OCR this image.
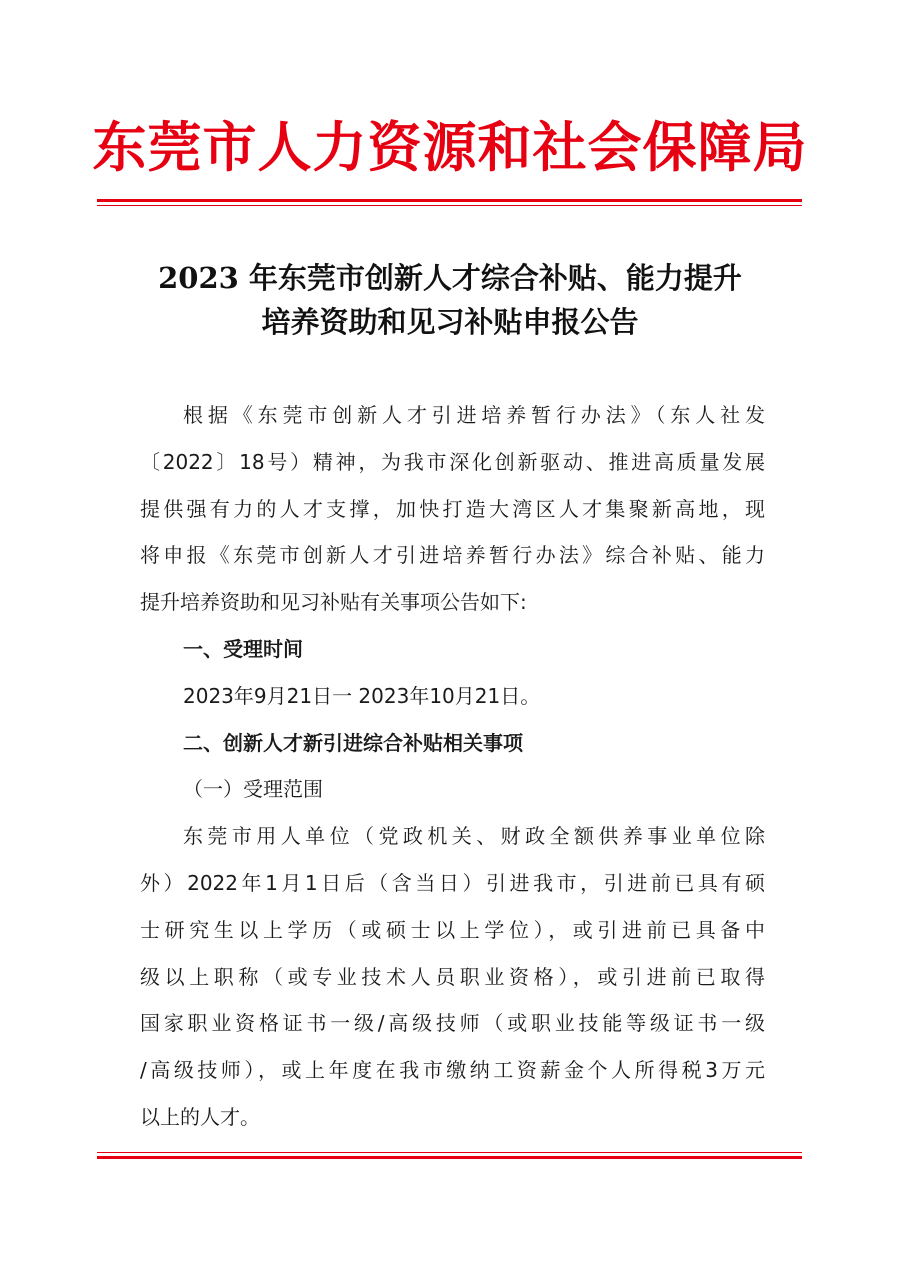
东莞市人力资源和社会保障局
2023 年东莞市创新人才综合补贴、能力提升
培养资助和见习补贴申报公告
根据《东莞市创新人才引进培养暂行办法》（东人社发
〔2022〕18号）精神，为我市深化创新驱动、推进高质量发展
提供强有力的人才支撑，加快打造大湾区人才集聚新高地，现
将申报《东莞市创新人才引进培养暂行办法》综合补贴、能力
提升培养资助和见习补贴有关事项公告如下:
一、受理时间
2023年9月21日一 2023年10月21日。
二、创新人才新引进综合补贴相关事项
（一）受理范围
东莞市用人单位（党政机关、财政全额供养事业单位除
外）2022年1月1日后（含当日）引进我市，引进前已具有硕
士研究生以上学历（或硕士以上学位），或引进前已具备中
级以上职称（或专业技术人员职业资格），或引进前已取得
国家职业资格证书一级/高级技师（或职业技能等级证书一级
/高级技师），或上年度在我市缴纳工资薪金个人所得税3万元
以上的人才。
